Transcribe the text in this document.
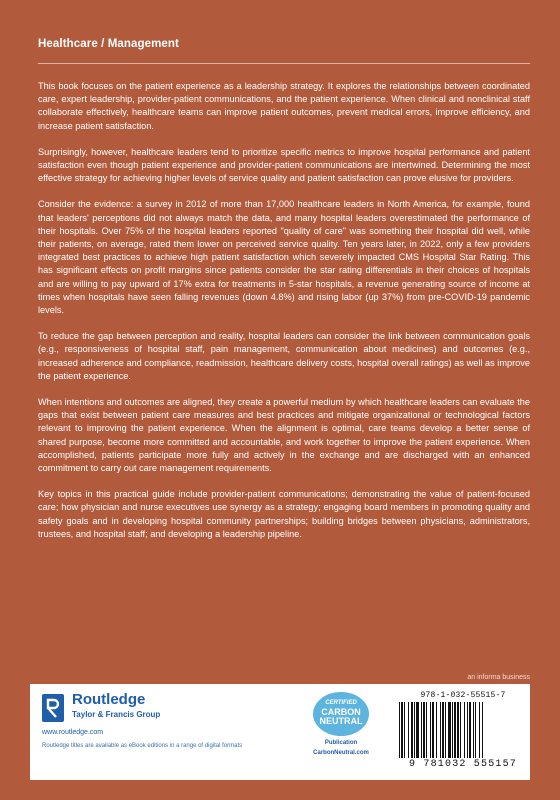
Healthcare / Management

This book focuses on the patient experience as a leadership strategy. It explores the relationships between coordinated care, expert leadership, provider-patient communications, and the patient experience. When clinical and nonclinical staff collaborate effectively, healthcare teams can improve patient outcomes, prevent medical errors, improve efficiency, and increase patient satisfaction.

Surprisingly, however, healthcare leaders tend to prioritize specific metrics to improve hospital performance and patient satisfaction even though patient experience and provider-patient communications are intertwined. Determining the most effective strategy for achieving higher levels of service quality and patient satisfaction can prove elusive for providers.

Consider the evidence: a survey in 2012 of more than 17,000 healthcare leaders in North America, for example, found that leaders' perceptions did not always match the data, and many hospital leaders overestimated the performance of their hospitals. Over 75% of the hospital leaders reported "quality of care" was something their hospital did well, while their patients, on average, rated them lower on perceived service quality. Ten years later, in 2022, only a few providers integrated best practices to achieve high patient satisfaction which severely impacted CMS Hospital Star Rating. This has significant effects on profit margins since patients consider the star rating differentials in their choices of hospitals and are willing to pay upward of 17% extra for treatments in 5-star hospitals, a revenue generating source of income at times when hospitals have seen falling revenues (down 4.8%) and rising labor (up 37%) from pre-COVID-19 pandemic levels.

To reduce the gap between perception and reality, hospital leaders can consider the link between communication goals (e.g., responsiveness of hospital staff, pain management, communication about medicines) and outcomes (e.g., increased adherence and compliance, readmission, healthcare delivery costs, hospital overall ratings) as well as improve the patient experience.

When intentions and outcomes are aligned, they create a powerful medium by which healthcare leaders can evaluate the gaps that exist between patient care measures and best practices and mitigate organizational or technological factors relevant to improving the patient experience. When the alignment is optimal, care teams develop a better sense of shared purpose, become more committed and accountable, and work together to improve the patient experience. When accomplished, patients participate more fully and actively in the exchange and are discharged with an enhanced commitment to carry out care management requirements.

Key topics in this practical guide include provider-patient communications; demonstrating the value of patient-focused care; how physician and nurse executives use synergy as a strategy; engaging board members in promoting quality and safety goals and in developing hospital community partnerships; building bridges between physicians, administrators, trustees, and hospital staff; and developing a leadership pipeline.

an informa business
Routledge
Taylor & Francis Group
www.routledge.com
Routledge titles are available as eBook editions in a range of digital formats
CERTIFIED
CARBON
NEUTRAL
Publication
CarbonNeutral.com
978-1-032-55515-7
9 781032 555157
